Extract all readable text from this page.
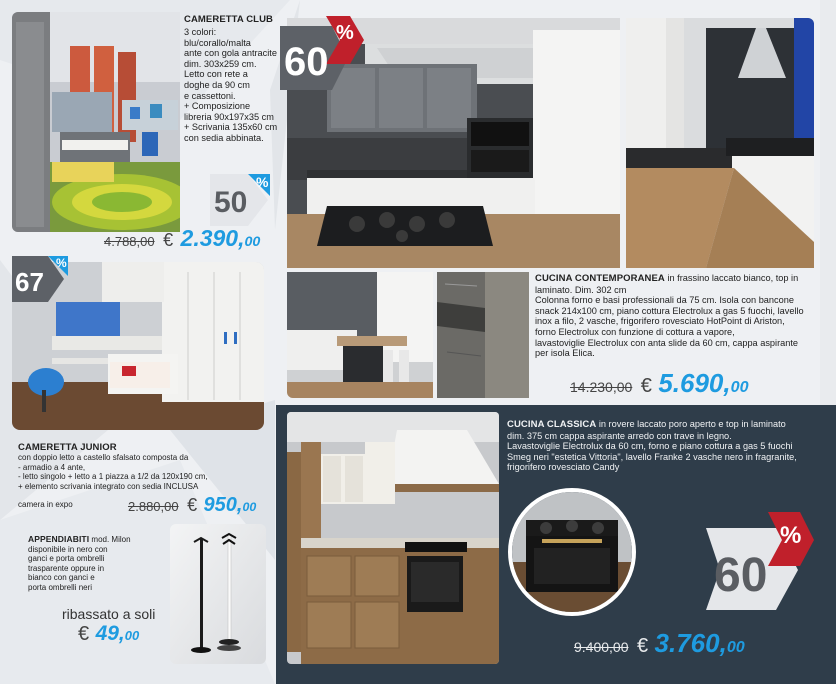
CAMERETTA CLUB
3 colori:
blu/corallo/malta
ante con gola antracite
dim. 303x259 cm.
Letto con rete a
doghe da 90 cm
e cassettoni.
+ Composizione
libreria 90x197x35 cm
+ Scrivania 135x60 cm
con sedia abbinata.
50
%
4.788,00 € 2.390,00
67
%
CAMERETTA JUNIOR
con doppio letto a castello sfalsato composta da
- armadio a 4 ante,
- letto singolo + letto a 1 piazza a 1/2 da 120x190 cm,
+ elemento scrivania integrato con sedia INCLUSA
camera in expo	2.880,00 € 950,00
APPENDIABITI mod. Milon
disponibile in nero con
ganci e porta ombrelli
trasparente oppure in
bianco con ganci e
porta ombrelli neri
ribassato a soli
€ 49,00
60
%
CUCINA CONTEMPORANEA in frassino laccato bianco, top in
laminato. Dim. 302 cm
Colonna forno e basi professionali da 75 cm. Isola con bancone
snack 214x100 cm, piano cottura Electrolux a gas 5 fuochi, lavello
inox a filo, 2 vasche, frigorifero rovesciato HotPoint di Ariston,
forno Electrolux con funzione di cottura a vapore,
lavastoviglie Electrolux con anta slide da 60 cm, cappa aspirante
per isola Elica.
14.230,00 € 5.690,00
CUCINA CLASSICA in rovere laccato poro aperto e top in laminato
dim. 375 cm cappa aspirante arredo con trave in legno.
Lavastoviglie Electrolux da 60 cm, forno e piano cottura a gas 5 fuochi
Smeg neri "estetica Vittoria", lavello Franke 2 vasche nero in fragranite,
frigorifero rovesciato Candy
60
%
9.400,00 € 3.760,00
